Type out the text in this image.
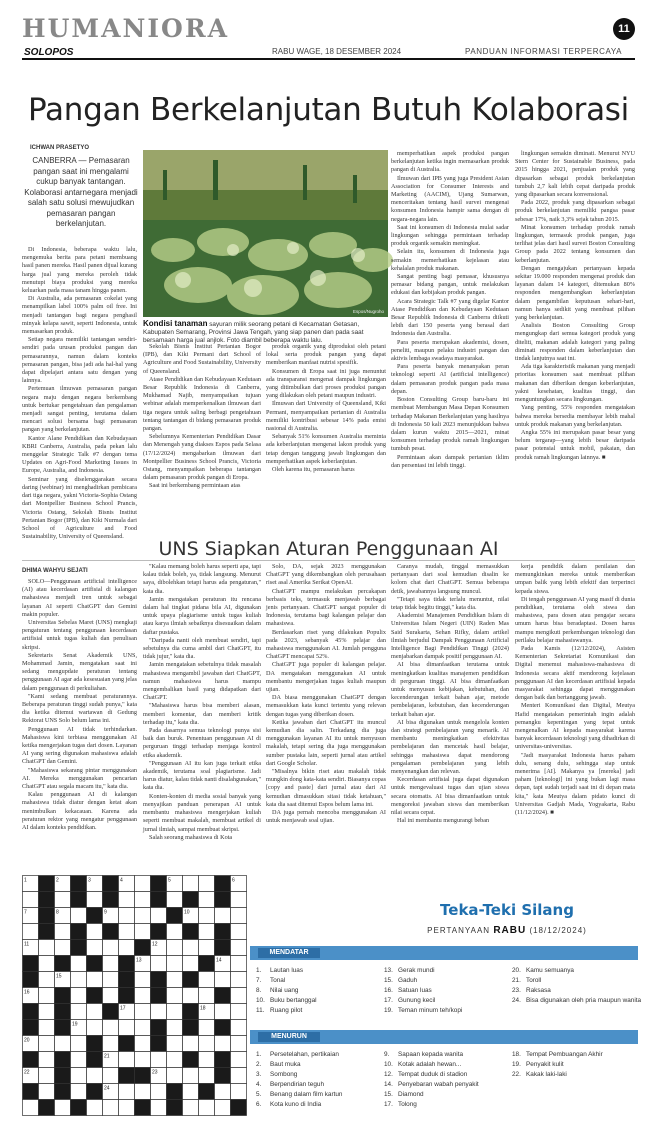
HUMANIORA
SOLOPOS	RABU WAGE, 18 DESEMBER 2024	PANDUAN INFORMASI TERPERCAYA
11
Pangan Berkelanjutan Butuh Kolaborasi
ICHWAN PRASETYO
CANBERRA — Pemasaran pangan saat ini mengalami cukup banyak tantangan. Kolaborasi antarnegara menjadi salah satu solusi mewujudkan pemasaran pangan berkelanjutan.

Di Indonesia, beberapa waktu lalu, mengemuka berita para petani membuang hasil panen mereka. Hasil panen dijual kurang harga jual yang mereka peroleh tidak menutupi biaya produksi yang mereka keluarkan pada masa tanam hingga panen.

Di Australia, ada pemasaran cokelat yang menampilkan label 100% palm oil free. Ini menjadi tantangan bagi negara penghasil minyak kelapa sawit, seperti Indonesia, untuk memasarkan produk.

Setiap negara memiliki tantangan sendiri-sendiri pada urusan produksi pangan dan pemasarannya, namun dalam konteks pemasaran pangan, bisa jadi ada hal-hal yang dapat dipelajari antara satu dengan yang lainnya.

Pertemuan ilmuwan pemasaran pangan negara maju dengan negara berkembang untuk bertukar pengetahuan dan pengalaman menjadi sangat penting, terutama dalam mencari solusi bersama bagi pemasaran pangan yang berkelanjutan.

Kantor Alane Pendidikan dan Kebudayaan KBRI Canberra, Australia, pada pekan lalu menggelar Strategic Talk #7 dengan tema Updates on Agri-Food Marketing Issues in Europe, Australia, and Indonesia.

Seminar yang diselenggarakan secara daring (webinar) ini menghadirkan pembicara dari tiga negara, yakni Victoria-Sophia Ostang dari Montpellier Business School Prancis, Victoria Ostang, Sekolah Bisnis Institut Pertanian Bogor (IPB), dan Kiki Nurmala dari School of Agriculture and Food Sustainability, University of Queensland.

Espos/Nugroho
Kondisi tanaman sayuran milik seorang petani di Kecamatan Getasan, Kabupaten Semarang, Provinsi Jawa Tengah, yang siap panen dan pada saat bersamaan harga jual anjlok. Foto diambil beberapa waktu lalu.

Sekolah Bisnis Institut Pertanian Bogor (IPB), dan Kiki Permani dari School of Agriculture and Food Sustainability, University of Queensland.

Atase Pendidikan dan Kebudayaan Kedutaan Besar Republik Indonesia di Canberra, Mukhamad Najib, menyampaikan tujuan webinar adalah memperkenalkan ilmuwan dari tiga negara untuk saling berbagi pengetahuan tentang tantangan di bidang pemasaran produk pangan.

Sebelumnya Kementerian Pendidikan Dasar dan Menengah yang diakses Espos pada Selasa (17/12/2024) mengabarkan ilmuwan dari Montpellier Business School Prancis, Victoria Ostang, menyampaikan beberapa tantangan dalam pemasaran produk pangan di Eropa.

Saat ini berkembang permintaan atas

produk organik yang diproduksi oleh petani lokal serta produk pangan yang dapat memberikan manfaat nutrisi spesifik.

Konsumen di Eropa saat ini juga menuntut ada transparansi mengenai dampak lingkungan yang ditimbulkan dari proses produksi pangan yang dilakukan oleh petani maupun industri.

Ilmuwan dari University of Queensland, Kiki Permani, menyampaikan pertanian di Australia memiliki kontribusi sebesar 14% pada emisi nasional di Australia.

Sebanyak 51% konsumen Australia meminta ada keberlanjutan mengenai lakon produk yang tetap dengan tanggung jawab lingkungan dan memperhatikan aspek keberlanjutan.

Oleh karena itu, pemasaran harus

memperhatikan aspek produksi pangan berkelanjutan ketika ingin memasarkan produk pangan di Australia.

Ilmuwan dari IPB yang juga President Asian Association for Consumer Interests and Marketing (AACIM), Ujang Sumarwan, menceritakan tentang hasil survei mengenai konsumen Indonesia hampir sama dengan di negara-negara lain.

Saat ini konsumen di Indonesia mulai sadar lingkungan sehingga permintaan terhadap produk organik semakin meningkat.

Selain itu, konsumen di Indonesia juga semakin memerhatikan kejelasan atau kehalalan produk makanan.

Sangat penting bagi pemasar, khususnya pemasar bidang pangan, untuk melakukan edukasi dan kebijakan produk pangan.

Acara Strategic Talk #7 yang digelar Kantor Atase Pendidikan dan Kebudayaan Kedutaan Besar Republik Indonesia di Canberra diikuti lebih dari 150 peserta yang berasal dari Indonesia dan Australia.

Para peserta merupakan akademisi, dosen, peneliti, maupun pelaku industri pangan dan aktivis lembaga swadaya masyarakat.

Para peserta banyak menanyakan peran teknologi seperti AI (artificial intelligence) dalam pemasaran produk pangan pada masa depan.

Boston Consulting Group baru-baru ini membuat Membangun Masa Depan Konsumen terhadap Makanan Berkelanjutan yang hasilnya di Indonesia 50 kali 2023 menunjukkan bahwa dalam kurun waktu 2015—2021, minat konsumen terhadap produk ramah lingkungan tumbuh pesat.

Permintaan akan dampak pertanian iklim dan persentasi ini lebih tinggi.

lingkungan semakin diminati. Menurut NYU Stern Center for Sustainable Business, pada 2015 hingga 2021, penjualan produk yang dipasarkan sebagai produk berkelanjutan tumbuh 2,7 kali lebih cepat daripada produk yang dipasarkan secara konvensional.

Pada 2022, produk yang dipasarkan sebagai produk berkelanjutan memiliki pangsa pasar sebesar 17%, naik 3,3% sejak tahun 2015.

Minat konsumen terhadap produk ramah lingkungan, termasuk produk pangan, juga terlihat jelas dari hasil survei Boston Consulting Group pada 2022 tentang konsumen dan keberlanjutan.

Dengan mengajukan pertanyaan kepada sekitar 19.000 responden mengenai produk dan layanan dalam 14 kategori, ditemukan 80% responden mengembangkan keberlanjutan dalam pengambilan keputusan sehari-hari, namun hanya sedikit yang membuat pilihan yang berkelanjutan.

Analisis Boston Consulting Group mengungkap dari semua kategori produk yang diteliti, makanan adalah kategori yang paling diminati responden dalam keberlanjutan dan tindak lanjutnya saat ini.

Ada tiga karakteristik makanan yang menjadi prioritas konsumen saat membuat pilihan makanan dan diberikan dengan keberlanjutan, yakni kesehatan, kualitas tinggi, dan menguntungkan secara lingkungan.

Yang penting, 55% responden mengatakan bahwa mereka bersedia membayar lebih mahal untuk produk makanan yang berkelanjutan.

Angka 55% ini merupakan pasar besar yang belum tergarap—yang lebih besar daripada pasar potensial untuk mobil, pakaian, dan produk ramah lingkungan lainnya. ■

UNS Siapkan Aturan Penggunaan AI
DHIMA WAHYU SEJATI

SOLO—Penggunaan artificial intelligence (AI) atau kecerdasan artifisial di kalangan mahasiswa menjadi tren untuk sebagai layanan AI seperti ChatGPT dan Gemini makin populer.

Universitas Sebelas Maret (UNS) mengkaji pengaturan tentang penggunaan kecerdasan artifisial untuk tugas kuliah dan penulisan skripsi.

Sekretaris Senat Akademik UNS, Mohammad Jamin, mengatakan saat ini sedang mengupdate peraturan tentang penggunaan AI agar ada kesesuaian yang jelas dalam penggunaan di perkuliahan.

"Kami sedang membuat peraturannya. Beberapa peraturan tinggi sudah punya," kata dia ketika ditemui wartawan di Gedung Rektorat UNS Solo belum lama ini.

Penggunaan AI tidak terhindarkan. Mahasiswa kini terbiasa menggunakan AI ketika mengerjakan tugas dari dosen. Layanan AI yang sering digunakan mahasiswa adalah ChatGPT dan Gemini.

"Mahasiswa sekarang pintar menggunakan AI. Mereka menggunakan pencarian ChatGPT atau segala macam itu," kata dia.

Kalau penggunaan AI di kalangan mahasiswa tidak diatur dengan ketat akan menimbulkan kekacauan. Karena ada peraturan rektor yang mengatur penggunaan AI dalam konteks pendidikan.

"Kalau memang boleh harus seperti apa, tapi kalau tidak boleh, ya, tidak langsung. Menurut saya, dibolehkan tetapi harus ada pengaturan," kata dia.

Jamin mengatakan peraturan itu rencana dalam hal tingkat pidana bila AI, digunakan untuk upaya plagiarisme untuk tugas kuliah atau karya ilmiah sebaiknya disesuaikan dalam daftar pustaka.

"Daripada nanti oleh membuat sendiri, tapi sebetulnya dia cuma ambil dari ChatGPT, itu tidak jujur," kata dia.

Jamin mengatakan sebetulnya tidak masalah mahasiswa mengambil jawaban dari ChatGPT, namun mahasiswa harus mampu mengembalikan hasil yang didapatkan dari ChatGPT.

"Mahasiswa harus bisa memberi alasan, memberi komentar, dan memberi kritik terhadap itu," kata dia.

Pada dasarnya semua teknologi punya sisi baik dan buruk. Penentuan penggunaan AI di perguruan tinggi terhadap menjaga kontrol etika akademik.

"Penggunaan AI itu kan juga terkait etika akademik, terutama soal plagiarisme. Jadi harus diatur, kalau tidak nanti disalahgunakan," kata dia.

Konten-konten di media sosial banyak yang menyajikan panduan penerapan AI untuk membantu mahasiswa mengerjakan kuliah seperti membuat makalah, membuat artikel di jurnal ilmiah, sampai membuat skripsi.

Salah seorang mahasiswa di Kota

Solo, DA, sejak 2023 menggunakan ChatGPT yang dikembangkan oleh perusahaan riset asal Amerika Serikat OpenAI.

ChatGPT mampu melakukan percakapan berbasis teks, termasuk menjawab berbagai jenis pertanyaan. ChatGPT sangat populer di Indonesia, terutama bagi kalangan pelajar dan mahasiswa.

Berdasarkan riset yang dilakukan Populix pada 2023, sebanyak 45% pelajar dan mahasiswa menggunakan AI. Jumlah pengguna ChatGPT mencapai 52%.

ChatGPT juga populer di kalangan pelajar. DA mengatakan menggunakan AI untuk membantu mengerjakan tugas kuliah maupun ujian.

DA biasa menggunakan ChatGPT dengan memasukkan kata kunci tertentu yang relevan dengan tugas yang diberikan dosen.

Ketika jawaban dari ChatGPT itu muncul kemudian dia salin. Terkadang dia juga menggunakan layanan AI itu untuk menyusun makalah, tetapi sering dia juga menggunakan sumber pustaka lain, seperti jurnal atau artikel dari Google Scholar.

"Misalnya bikin riset atau makalah tidak mungkin dong kata-kata sendiri. Biasanya copas [copy and paste] dari jurnal atau dari AI kemudian dimasukkan sitasi tidak ketahuan," kata dia saat ditemui Espos belum lama ini.

DA juga pernah mencoba menggunakan AI untuk menjawab soal ujian.

Caranya mudah, tinggal memasukkan pertanyaan dari soal kemudian disalin ke kolom chat dari ChatGPT. Semua beberapa detik, jawabannya langsung muncul.

"Tetapi saya tidak terlalu menuntut, nilai tetap tidak begitu tinggi," kata dia.

Akademisi Manajemen Pendidikan Islam di Universitas Islam Negeri (UIN) Raden Mas Said Surakarta, Sehan Rifky, dalam artikel ilmiah berjudul Dampak Penggunaan Artificial Intelligence Bagi Pendidikan Tinggi (2024) menjabarkan dampak positif penggunaan AI.

AI bisa dimanfaatkan terutama untuk meningkatkan kualitas manajemen pendidikan di perguruan tinggi. AI bisa dimanfaatkan untuk menyusun kebijakan, kebutuhan, dan kecenderungan terkait bahan ajar, metode pembelajaran, kebutuhan, dan kecenderungan terkait bahan ajar.

AI bisa digunakan untuk mengelola konten dan strategi pembelajaran yang menarik. AI membantu meningkatkan efektivitas pembelajaran dan mencetak hasil belajar, sehingga mahasiswa dapat mendorong pengalaman pembelajaran yang lebih menyenangkan dan relevan.

Kecerdasan artifisial juga dapat digunakan untuk mengevaluasi tugas dan ujian siswa secara otomatis. AI bisa dimanfaatkan untuk mengoreksi jawaban siswa dan memberikan nilai secara cepat.

Hal ini membantu mengurangi beban

kerja pendidik dalam penilaian dan memungkinkan mereka untuk memberikan umpan balik yang lebih efektif dan terperinci kepada siswa.

Di tengah penggunaan AI yang masif di dunia pendidikan, terutama oleh siswa dan mahasiswa, para dosen atau pengajar secara umum harus bisa beradaptasi. Dosen harus mampu mengikuti perkembangan teknologi dan perilaku belajar mahasiswanya.

Pada Kamis (12/12/2024), Asisten Kementerian Sekretariat Komunikasi dan Digital menemui mahasiswa-mahasiswa di Indonesia secara aktif mendorong kejelasan penggunaan AI dan kecerdasan artifisial kepada masyarakat sehingga dapat menggunakan dengan baik dan bertanggung jawab.

Menteri Komunikasi dan Digital, Meutya Hafid mengatakan pemerintah ingin adalah pemangku kepentingan yang tepat untuk mengenalkan AI kepada masyarakat karena banyak kecerdasan teknologi yang dihadirkan di universitas-universitas.

"Jadi masyarakat Indonesia harus paham dulu, senang dulu, sehingga siap untuk menerima [AI]. Makanya ya [mereka] jadi paham [teknologi] ini yang bukan lagi masa depan, tapi sudah terjadi saat ini di depan mata kita," kata Meutya dalam pidato kunci di Universitas Gadjah Mada, Yogyakarta, Rabu (11/12/2024). ■

1	2	3	4	5	6
7	8	9	10
11	12
13	14
15
16
17	18
19
20
21
22	23
24
Teka-Teki Silang
PERTANYAAN RABU (18/12/2024)
MENDATAR
1. Lautan luas
7. Tonal
8. Nilai uang
10. Buku bertanggal
11. Ruang pilot
13. Gerak mundi
15. Gaduh
16. Satuan luas
17. Gunung kecil
19. Teman minum teh/kopi
20. Kamu semuanya
21. Toroll
23. Raksasa
24. Bisa digunakan oleh pria maupun wanita
MENURUN
1. Persetelahan, pertikaian
2. Baut muka
3. Sombong
4. Berpendirian teguh
5. Benang dalam film kartun
6. Kota kuno di India
9. Sapaan kepada wanita
10. Kotak adalah hewan...
12. Tempat duduk di stadion
14. Penyebaran wabah penyakit
15. Diamond
17. Tolong
18. Tempat Pembuangan Akhir
19. Penyakit kulit
22. Kakak laki-laki
